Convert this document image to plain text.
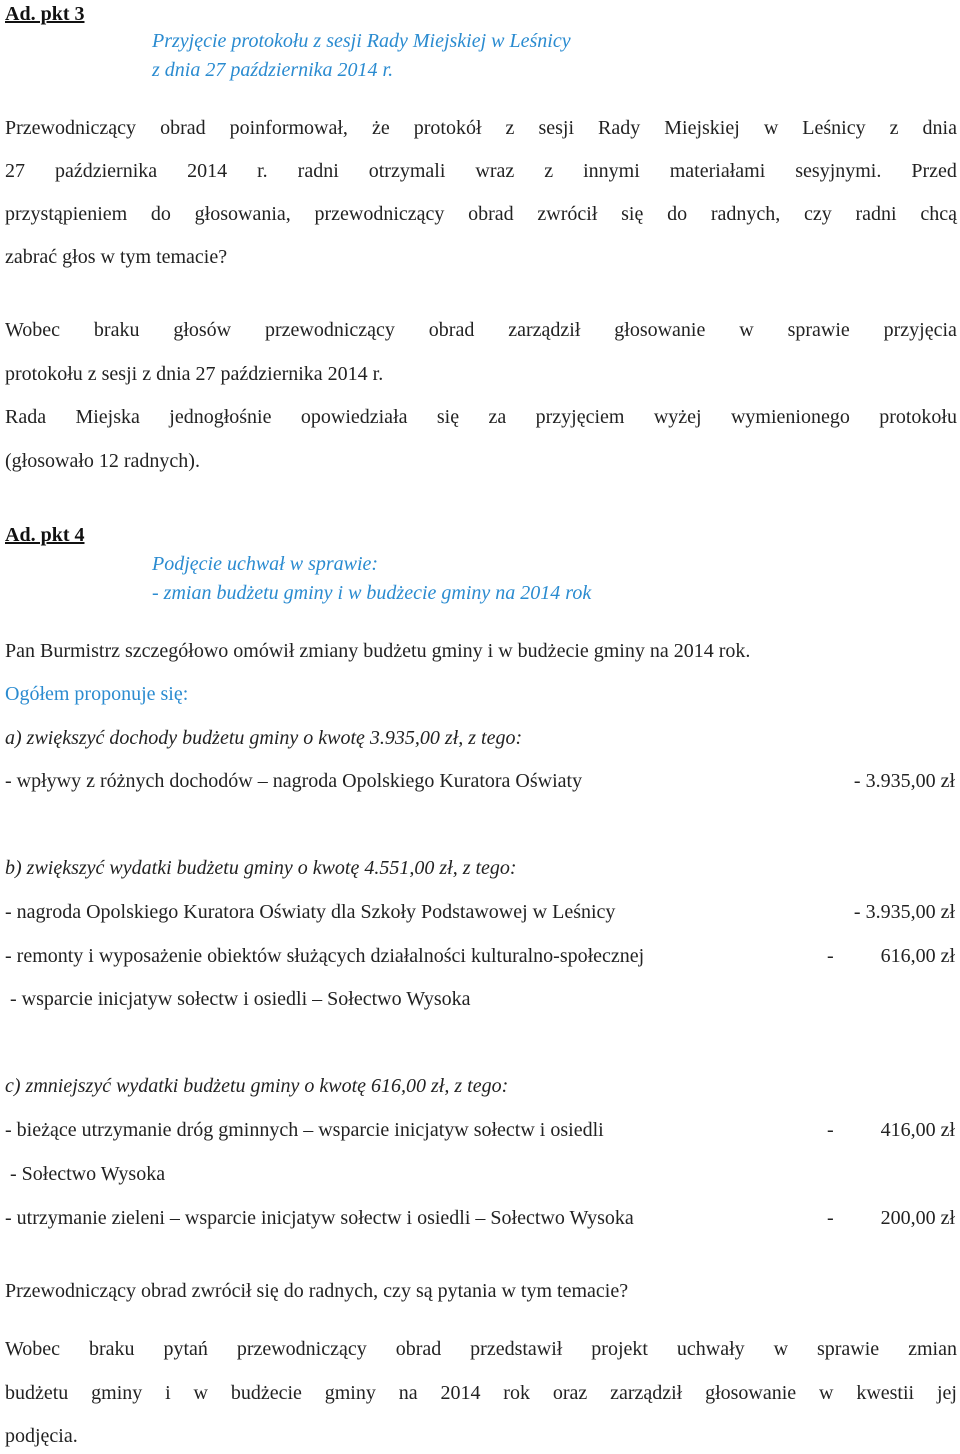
Ad. pkt 3
Przyjęcie protokołu z sesji Rady Miejskiej w Leśnicy
z dnia 27 października 2014 r.
Przewodniczący obrad poinformował, że protokół z sesji Rady Miejskiej w Leśnicy z dnia
27 października 2014 r. radni otrzymali wraz z innymi materiałami sesyjnymi. Przed
przystąpieniem do głosowania, przewodniczący obrad zwrócił się do radnych, czy radni chcą
zabrać głos w tym temacie?
Wobec braku głosów przewodniczący obrad zarządził głosowanie w sprawie przyjęcia
protokołu z sesji z dnia 27 października 2014 r.
Rada Miejska jednogłośnie opowiedziała się za przyjęciem wyżej wymienionego protokołu
(głosowało 12 radnych).
Ad. pkt 4
Podjęcie uchwał w sprawie:
- zmian budżetu gminy i w budżecie gminy na 2014 rok
Pan Burmistrz szczegółowo omówił zmiany budżetu gminy i w budżecie gminy na 2014 rok.
Ogółem proponuje się:
a) zwiększyć dochody budżetu gminy o kwotę 3.935,00 zł, z tego:
- wpływy z różnych dochodów – nagroda Opolskiego Kuratora Oświaty	- 3.935,00 zł
b) zwiększyć wydatki budżetu gminy o kwotę 4.551,00 zł, z tego:
- nagroda Opolskiego Kuratora Oświaty dla Szkoły Podstawowej w Leśnicy	- 3.935,00 zł
- remonty i wyposażenie obiektów służących działalności kulturalno-społecznej	- 616,00 zł
- wsparcie inicjatyw sołectw i osiedli – Sołectwo Wysoka
c) zmniejszyć wydatki budżetu gminy o kwotę 616,00 zł, z tego:
- bieżące utrzymanie dróg gminnych – wsparcie inicjatyw sołectw i osiedli	- 416,00 zł
- Sołectwo Wysoka
- utrzymanie zieleni – wsparcie inicjatyw sołectw i osiedli – Sołectwo Wysoka	- 200,00 zł
Przewodniczący obrad zwrócił się do radnych, czy są pytania w tym temacie?
Wobec braku pytań przewodniczący obrad przedstawił projekt uchwały w sprawie zmian
budżetu gminy i w budżecie gminy na 2014 rok oraz zarządził głosowanie w kwestii jej
podjęcia.
